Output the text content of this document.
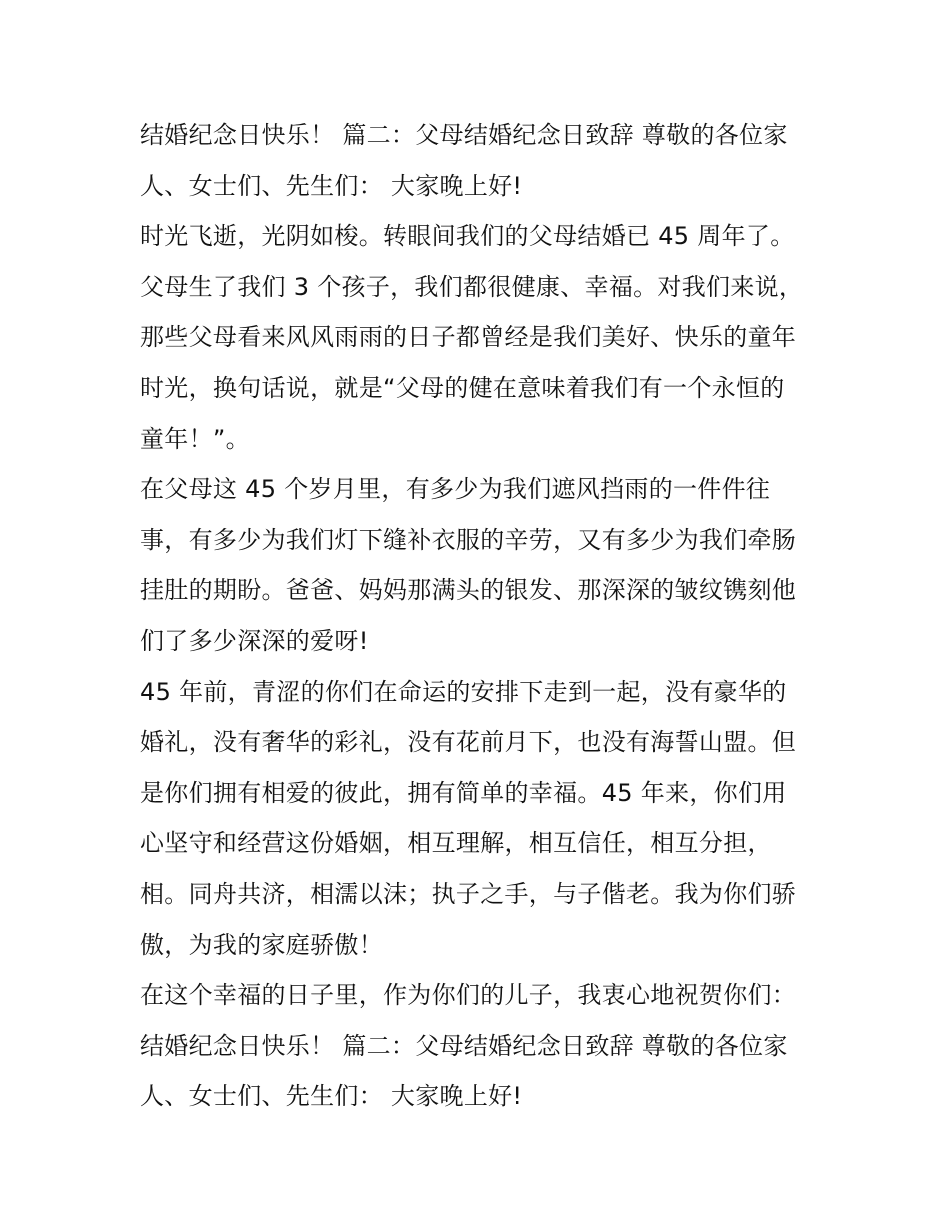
结婚纪念日快乐！ 篇二：父母结婚纪念日致辞 尊敬的各位家
人、女士们、先生们： 大家晚上好!
时光飞逝，光阴如梭。转眼间我们的父母结婚已 45 周年了。
父母生了我们 3 个孩子，我们都很健康、幸福。对我们来说，
那些父母看来风风雨雨的日子都曾经是我们美好、快乐的童年
时光，换句话说，就是“父母的健在意味着我们有一个永恒的
童年！”。
在父母这 45 个岁月里，有多少为我们遮风挡雨的一件件往
事，有多少为我们灯下缝补衣服的辛劳，又有多少为我们牵肠
挂肚的期盼。爸爸、妈妈那满头的银发、那深深的皱纹镌刻他
们了多少深深的爱呀!
45 年前，青涩的你们在命运的安排下走到一起，没有豪华的
婚礼，没有奢华的彩礼，没有花前月下，也没有海誓山盟。但
是你们拥有相爱的彼此，拥有简单的幸福。45 年来，你们用
心坚守和经营这份婚姻，相互理解，相互信任，相互分担，
相。同舟共济，相濡以沫；执子之手，与子偕老。我为你们骄
傲，为我的家庭骄傲！
在这个幸福的日子里，作为你们的儿子，我衷心地祝贺你们：
结婚纪念日快乐！ 篇二：父母结婚纪念日致辞 尊敬的各位家
人、女士们、先生们： 大家晚上好!
